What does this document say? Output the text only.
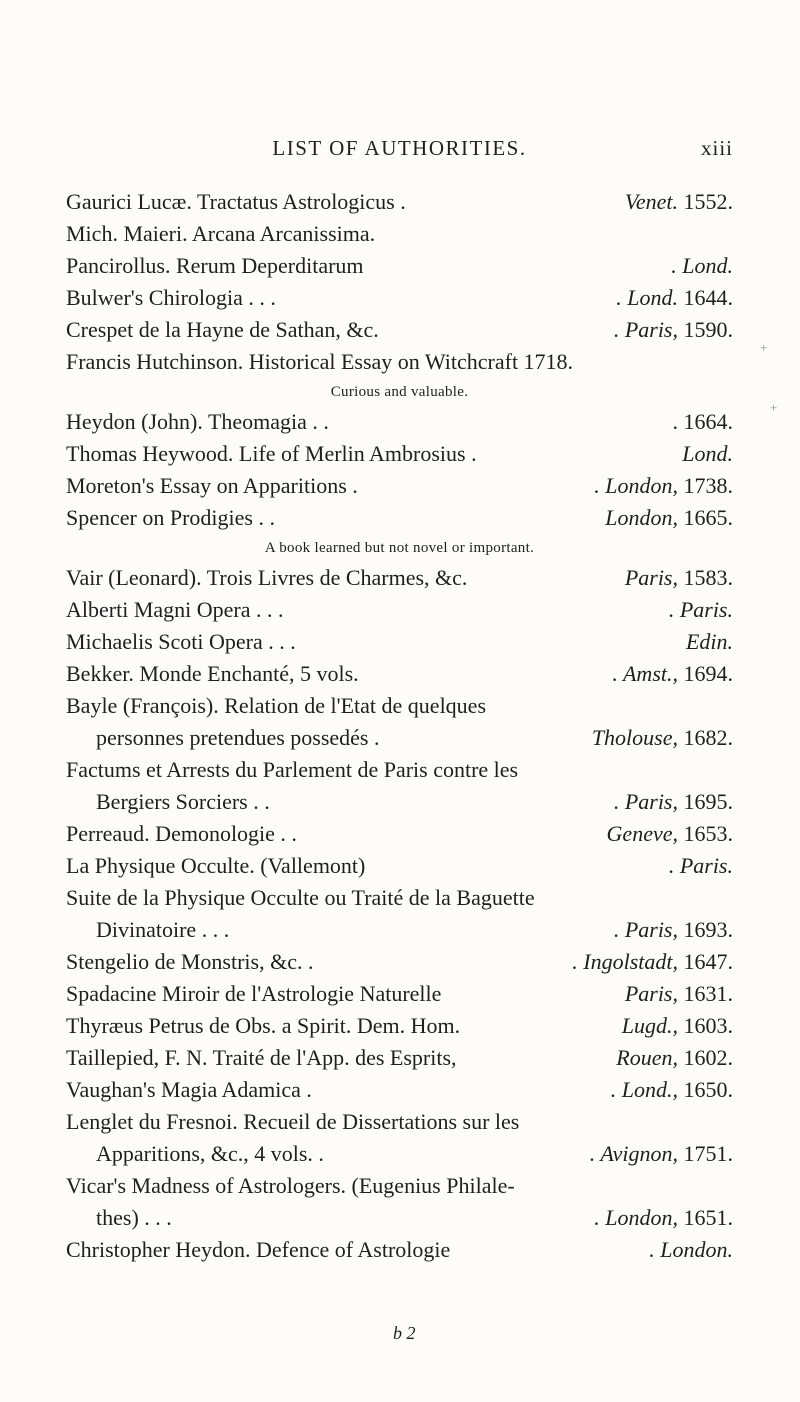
LIST OF AUTHORITIES.	xiii
Gaurici Lucæ. Tractatus Astrologicus .	Venet. 1552.
Mich. Maieri. Arcana Arcanissima.
Pancirollus. Rerum Deperditarum	. Lond.
Bulwer's Chirologia . . .	. Lond. 1644.
Crespet de la Hayne de Sathan, &c.	. Paris, 1590.
Francis Hutchinson. Historical Essay on Witchcraft 1718.
Curious and valuable.
Heydon (John). Theomagia . .	. 1664.
Thomas Heywood. Life of Merlin Ambrosius .	Lond.
Moreton's Essay on Apparitions .	. London, 1738.
Spencer on Prodigies . .	London, 1665.
A book learned but not novel or important.
Vair (Leonard). Trois Livres de Charmes, &c.	Paris, 1583.
Alberti Magni Opera . . .	. Paris.
Michaelis Scoti Opera . . .	Edin.
Bekker. Monde Enchanté, 5 vols.	. Amst., 1694.
Bayle (François). Relation de l'Etat de quelques
personnes pretendues possedés .	Tholouse, 1682.
Factums et Arrests du Parlement de Paris contre les
Bergiers Sorciers . .	. Paris, 1695.
Perreaud. Demonologie . .	Geneve, 1653.
La Physique Occulte. (Vallemont)	. Paris.
Suite de la Physique Occulte ou Traité de la Baguette
Divinatoire . . .	. Paris, 1693.
Stengelio de Monstris, &c. .	. Ingolstadt, 1647.
Spadacine Miroir de l'Astrologie Naturelle	Paris, 1631.
Thyræus Petrus de Obs. a Spirit. Dem. Hom.	Lugd., 1603.
Taillepied, F. N. Traité de l'App. des Esprits,	Rouen, 1602.
Vaughan's Magia Adamica .	. Lond., 1650.
Lenglet du Fresnoi. Recueil de Dissertations sur les
Apparitions, &c., 4 vols. .	. Avignon, 1751.
Vicar's Madness of Astrologers. (Eugenius Philale-
thes) . . .	. London, 1651.
Christopher Heydon. Defence of Astrologie	. London.
b 2
+
+
